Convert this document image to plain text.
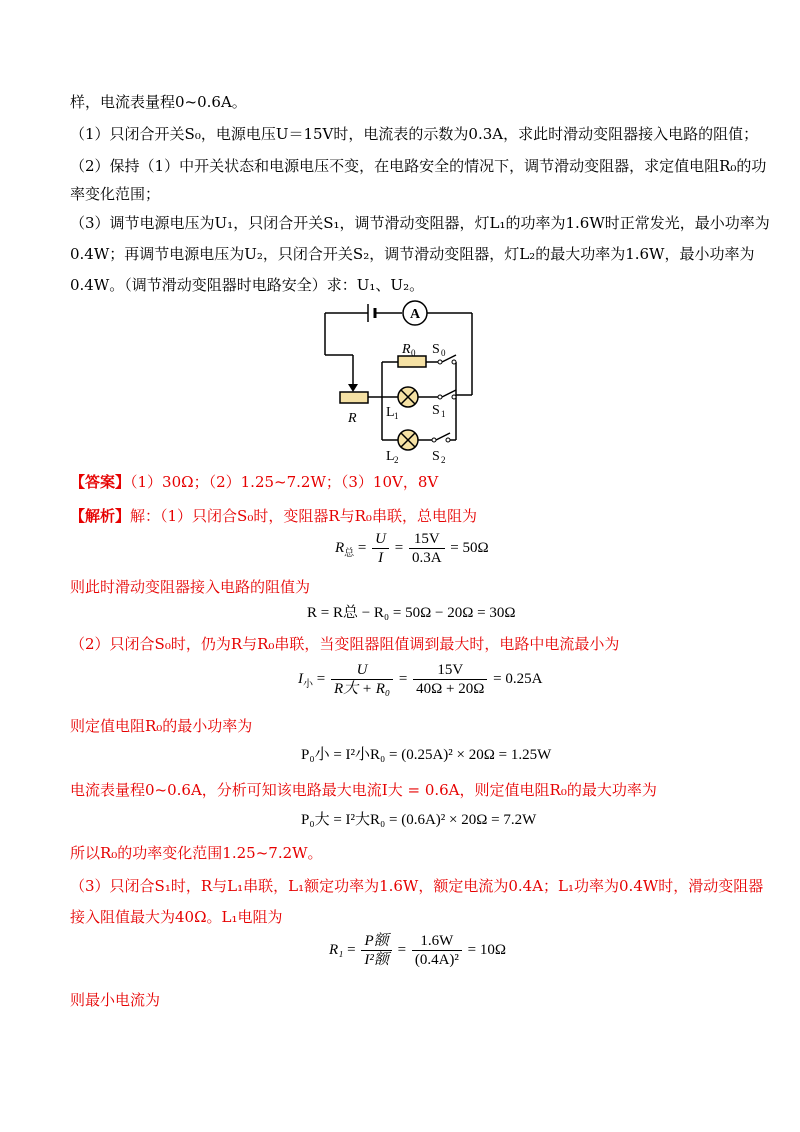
样，电流表量程0~0.6A。
（1）只闭合开关S₀，电源电压U＝15V时，电流表的示数为0.3A，求此时滑动变阻器接入电路的阻值；
（2）保持（1）中开关状态和电源电压不变，在电路安全的情况下，调节滑动变阻器，求定值电阻R₀的功
率变化范围；
（3）调节电源电压为U₁，只闭合开关S₁，调节滑动变阻器，灯L₁的功率为1.6W时正常发光，最小功率为
0.4W；再调节电源电压为U₂，只闭合开关S₂，调节滑动变阻器，灯L₂的最大功率为1.6W，最小功率为
0.4W。（调节滑动变阻器时电路安全）求：U₁、U₂。
A
R 0 S 0
R L 1 S 1
L 2 S 2
【答案】（1）30Ω；（2）1.25~7.2W；（3）10V，8V
【解析】解：（1）只闭合S₀时，变阻器R与R₀串联，总电阻为
$R_总 = \frac{U}{I} = \frac{15V}{0.3A} = 50\Omega$
则此时滑动变阻器接入电路的阻值为
R = R总 − R₀ = 50Ω − 20Ω = 30Ω
（2）只闭合S₀时，仍为R与R₀串联，当变阻器阻值调到最大时，电路中电流最小为
$I_小 = \frac{U}{\text{R大 + R₀}} = \frac{15V}{40\Omega + 20\Omega} = 0.25A$
则定值电阻R₀的最小功率为
P₀小 = I²小R₀ = (0.25A)² × 20Ω = 1.25W
电流表量程0~0.6A，分析可知该电路最大电流I大 = 0.6A，则定值电阻R₀的最大功率为
P₀大 = I²大R₀ = (0.6A)² × 20Ω = 7.2W
所以R₀的功率变化范围1.25~7.2W。
（3）只闭合S₁时，R与L₁串联，L₁额定功率为1.6W，额定电流为0.4A；L₁功率为0.4W时，滑动变阻器
接入阻值最大为40Ω。L₁电阻为
$R_1 = \frac{\text{P额}}{\text{I²额}} = \frac{1.6W}{\text{(0.4A)²}} = 10\Omega$
则最小电流为
